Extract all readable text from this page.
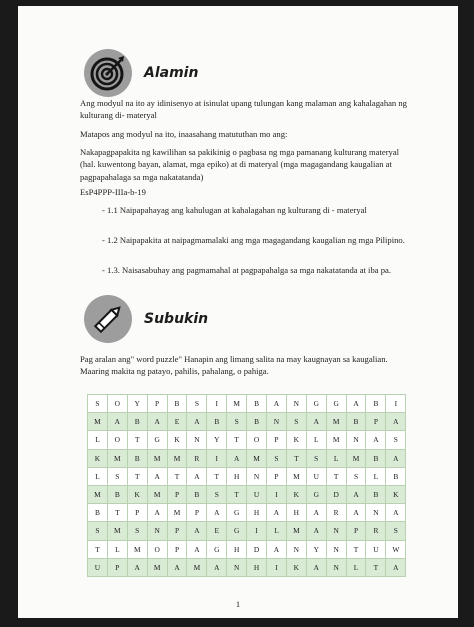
Alamin

Ang modyul na ito ay idinisenyo at isinulat upang tulungan kang malaman ang kahalagahan ng kulturang di- materyal

Matapos ang modyul na ito, inaasahang matututhan mo ang:

Nakapagpapakita ng kawilihan sa pakikinig o pagbasa ng mga pamanang kulturang materyal (hal. kuwentong bayan, alamat, mga epiko) at di materyal (mga magagandang kaugalian at pagpapahalaga sa mga nakatatanda)

EsP4PPP-IIIa-b-19

- 1.1 Naipapahayag ang kahulugan at kahalagahan ng kulturang di - materyal

- 1.2 Naipapakita at naipagmamalaki ang mga magagandang kaugalian ng mga Pilipino.

- 1.3. Naisasabuhay ang pagmamahal at pagpapahalga sa mga nakatatanda at iba pa.

Subukin

Pag aralan ang" word puzzle" Hanapin ang limang salita na may kaugnayan sa kaugalian. Maaring makita ng patayo, pahilis, pahalang, o pahiga.

S	O	Y	P	B	S	I	M	B	A	N	G	G	A	B	I
M	A	B	A	E	A	B	S	B	N	S	A	M	B	P	A
L	O	T	G	K	N	Y	T	O	P	K	L	M	N	A	S
K	M	B	M	M	R	I	A	M	S	T	S	L	M	B	A
L	S	T	A	T	A	T	H	N	P	M	U	T	S	L	B
M	B	K	M	P	B	S	T	U	I	K	G	D	A	B	K
B	T	P	A	M	P	A	G	H	A	H	A	R	A	N	A
S	M	S	N	P	A	E	G	I	L	M	A	N	P	R	S
T	L	M	O	P	A	G	H	D	A	N	Y	N	T	U	W
U	P	A	M	A	M	A	N	H	I	K	A	N	L	T	A
1
